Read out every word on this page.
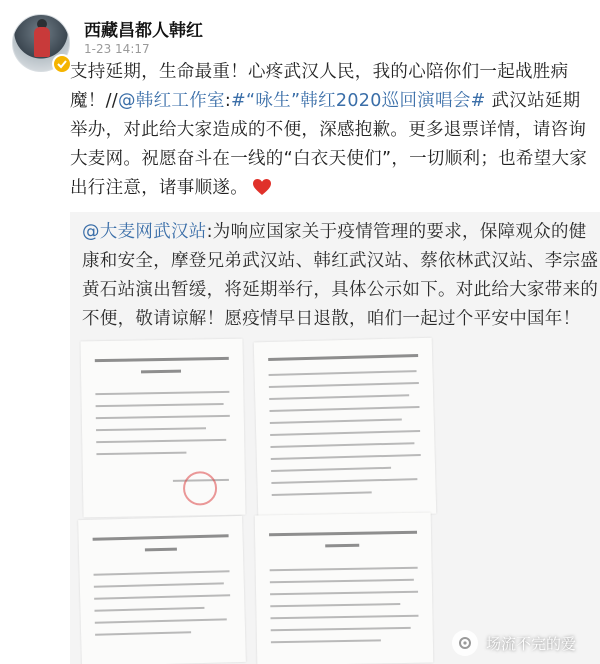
西藏昌都人韩红
1-23 14:17
支持延期，生命最重！心疼武汉人民，我的心陪你们一起战胜病魔！//@韩红工作室:#“咏生”韩红2020巡回演唱会# 武汉站延期举办，对此给大家造成的不便，深感抱歉。更多退票详情，请咨询大麦网。祝愿奋斗在一线的“白衣天使们”，一切顺利；也希望大家出行注意，诸事顺遂。
@大麦网武汉站:为响应国家关于疫情管理的要求，保障观众的健康和安全，摩登兄弟武汉站、韩红武汉站、蔡依林武汉站、李宗盛黄石站演出暂缓，将延期举行，具体公示如下。对此给大家带来的不便，敬请谅解！愿疫情早日退散，咱们一起过个平安中国年！
场流不完的爱
